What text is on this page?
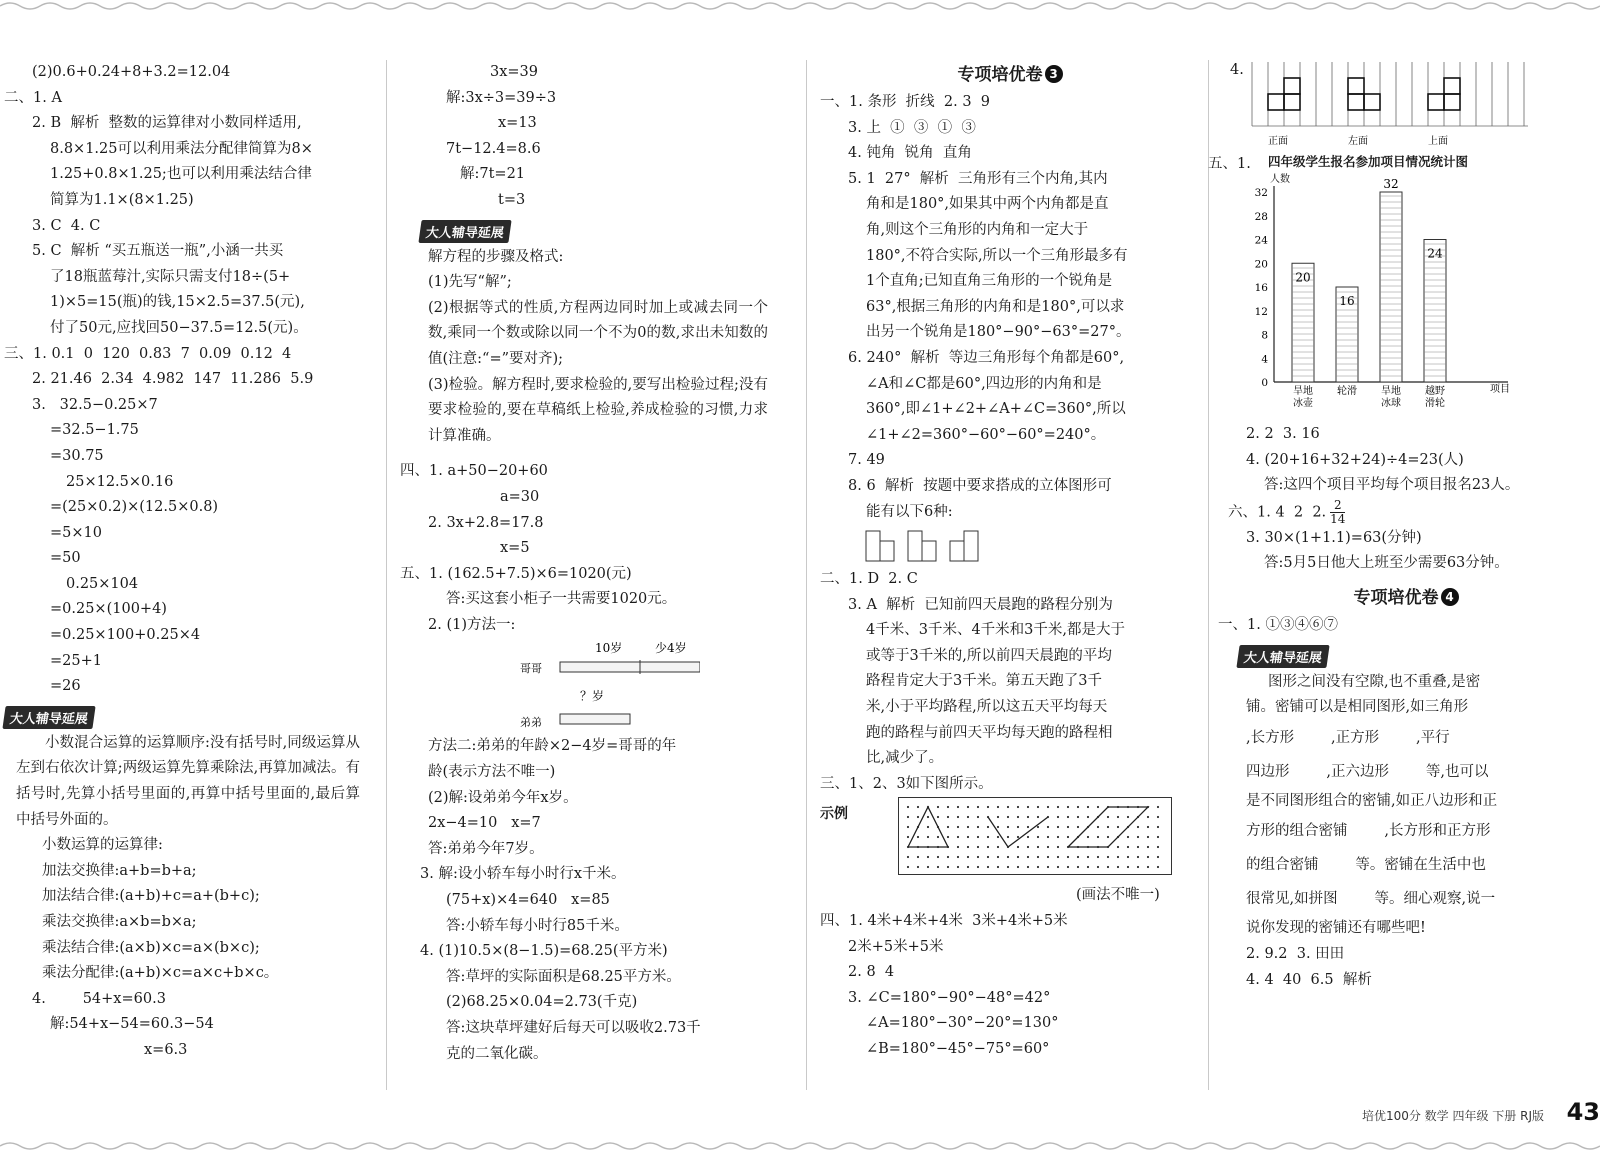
(2)0.6+0.24+8+3.2=12.04
二、1. A
2. B  解析  整数的运算律对小数同样适用,
8.8×1.25可以利用乘法分配律简算为8×
1.25+0.8×1.25;也可以利用乘法结合律
简算为1.1×(8×1.25)
3. C  4. C
5. C  解析 “买五瓶送一瓶”,小涵一共买
了18瓶蓝莓汁,实际只需支付18÷(5+
1)×5=15(瓶)的钱,15×2.5=37.5(元),
付了50元,应找回50−37.5=12.5(元)。
三、1. 0.1  0  120  0.83  7  0.09  0.12  4
2. 21.46  2.34  4.982  147  11.286  5.9
3.   32.5−0.25×7
=32.5−1.75
=30.75
25×12.5×0.16
=(25×0.2)×(12.5×0.8)
=5×10
=50
0.25×104
=0.25×(100+4)
=0.25×100+0.25×4
=25+1
=26
大人辅导延展
小数混合运算的运算顺序:没有括号时,同级运算从左到右依次计算;两级运算先算乘除法,再算加减法。有括号时,先算小括号里面的,再算中括号里面的,最后算中括号外面的。
小数运算的运算律:
加法交换律:a+b=b+a;
加法结合律:(a+b)+c=a+(b+c);
乘法交换律:a×b=b×a;
乘法结合律:(a×b)×c=a×(b×c);
乘法分配律:(a+b)×c=a×c+b×c。
4.        54+x=60.3
解:54+x−54=60.3−54
x=6.3
3x=39
解:3x÷3=39÷3
x=13
7t−12.4=8.6
解:7t=21
t=3
大人辅导延展
解方程的步骤及格式:
(1)先写“解”;
(2)根据等式的性质,方程两边同时加上或减去同一个数,乘同一个数或除以同一个不为0的数,求出未知数的值(注意:“=”要对齐);
(3)检验。解方程时,要求检验的,要写出检验过程;没有要求检验的,要在草稿纸上检验,养成检验的习惯,力求计算准确。
四、1. a+50−20+60
a=30
2. 3x+2.8=17.8
x=5
五、1. (162.5+7.5)×6=1020(元)
答:买这套小柜子一共需要1020元。
2. (1)方法一:
哥哥
10岁	少4岁
？岁
弟弟
方法二:弟弟的年龄×2−4岁=哥哥的年
龄(表示方法不唯一)
(2)解:设弟弟今年x岁。
2x−4=10   x=7
答:弟弟今年7岁。
3. 解:设小轿车每小时行x千米。
(75+x)×4=640   x=85
答:小轿车每小时行85千米。
4. (1)10.5×(8−1.5)=68.25(平方米)
答:草坪的实际面积是68.25平方米。
(2)68.25×0.04=2.73(千克)
答:这块草坪建好后每天可以吸收2.73千
克的二氧化碳。
专项培优卷 3
一、1. 条形  折线  2. 3  9
3. 上  ①  ③  ①  ③
4. 钝角  锐角  直角
5. 1  27°  解析  三角形有三个内角,其内
角和是180°,如果其中两个内角都是直
角,则这个三角形的内角和一定大于
180°,不符合实际,所以一个三角形最多有
1个直角;已知直角三角形的一个锐角是
63°,根据三角形的内角和是180°,可以求
出另一个锐角是180°−90°−63°=27°。
6. 240°  解析  等边三角形每个角都是60°,
∠A和∠C都是60°,四边形的内角和是
360°,即∠1+∠2+∠A+∠C=360°,所以
∠1+∠2=360°−60°−60°=240°。
7. 49
8. 6  解析  按题中要求搭成的立体图形可
能有以下6种:
二、1. D  2. C
3. A  解析  已知前四天晨跑的路程分别为
4千米、3千米、4千米和3千米,都是大于
或等于3千米的,所以前四天晨跑的平均
路程肯定大于3千米。第五天跑了3千
米,小于平均路程,所以这五天平均每天
跑的路程与前四天平均每天跑的路程相
比,减少了。
三、1、2、3如下图所示。
示例
(画法不唯一)
四、1. 4米+4米+4米  3米+4米+5米
2米+5米+5米
2. 8  4
3. ∠C=180°−90°−48°=42°
∠A=180°−30°−20°=130°
∠B=180°−45°−75°=60°
4.
正面	左面	上面
五、1. 四年级学生报名参加项目情况统计图
人数
项目
0
4
8
12
16
20
24
28
32
20
旱地
冰壶
16
轮滑
32
旱地
冰球
24
越野
滑轮
2. 2  3. 16
4. (20+16+32+24)÷4=23(人)
答:这四个项目平均每个项目报名23人。
六、1. 4  2  2. $\frac{2}{14}$
3. 30×(1+1.1)=63(分钟)
答:5月5日他大上班至少需要63分钟。
专项培优卷 4
一、1. ①③④⑥⑦
大人辅导延展
图形之间没有空隙,也不重叠,是密
铺。密铺可以是相同图形,如三角形
,长方形        ,正方形        ,平行
四边形        ,正六边形        等,也可以
是不同图形组合的密铺,如正八边形和正
方形的组合密铺        ,长方形和正方形
的组合密铺        等。密铺在生活中也
很常见,如拼图        等。细心观察,说一
说你发现的密铺还有哪些吧!
2. 9.2  3. 田田
4. 4  40  6.5  解析
培优100分 数学 四年级 下册 RJ版 43
